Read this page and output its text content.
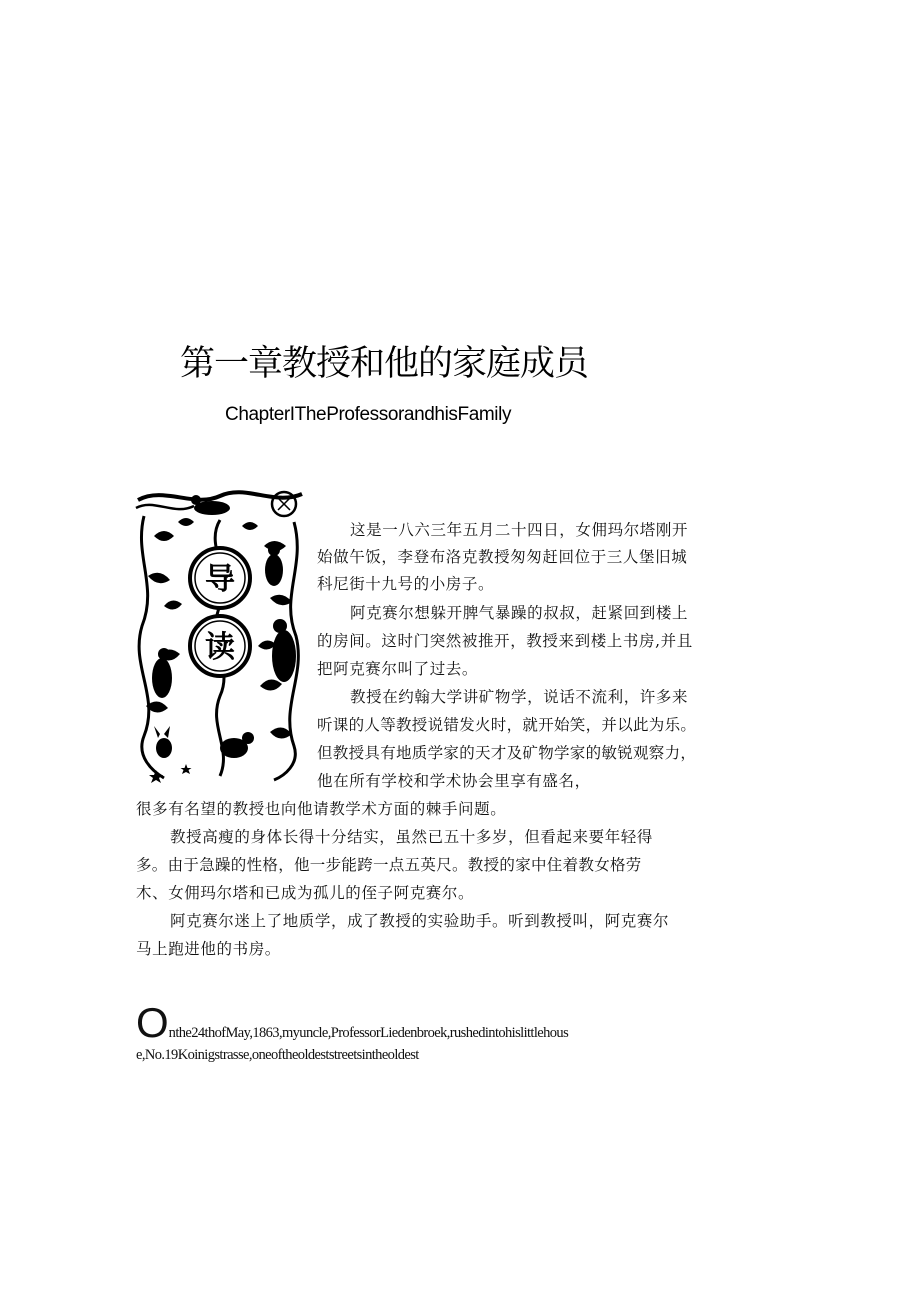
第一章教授和他的家庭成员
ChapterITheProfessorandhisFamily
导
读
这是一八六三年五月二十四日，女佣玛尔塔刚开
始做午饭，李登布洛克教授匆匆赶回位于三人堡旧城
科尼街十九号的小房子。
阿克赛尔想躲开脾气暴躁的叔叔，赶紧回到楼上
的房间。这时门突然被推开，教授来到楼上书房,并且
把阿克赛尔叫了过去。
教授在约翰大学讲矿物学，说话不流利，许多来
听课的人等教授说错发火时，就开始笑，并以此为乐。
但教授具有地质学家的天才及矿物学家的敏锐观察力，
他在所有学校和学术协会里享有盛名，
很多有名望的教授也向他请教学术方面的棘手问题。
教授高瘦的身体长得十分结实，虽然已五十多岁，但看起来要年轻得
多。由于急躁的性格，他一步能跨一点五英尺。教授的家中住着教女格劳
木、女佣玛尔塔和已成为孤儿的侄子阿克赛尔。
阿克赛尔迷上了地质学，成了教授的实验助手。听到教授叫，阿克赛尔
马上跑进他的书房。
Onthe24thofMay,1863,myuncle,ProfessorLiedenbroek,rushedintohislittlehous
e,No.19Koinigstrasse,oneoftheoldeststreetsintheoldest
